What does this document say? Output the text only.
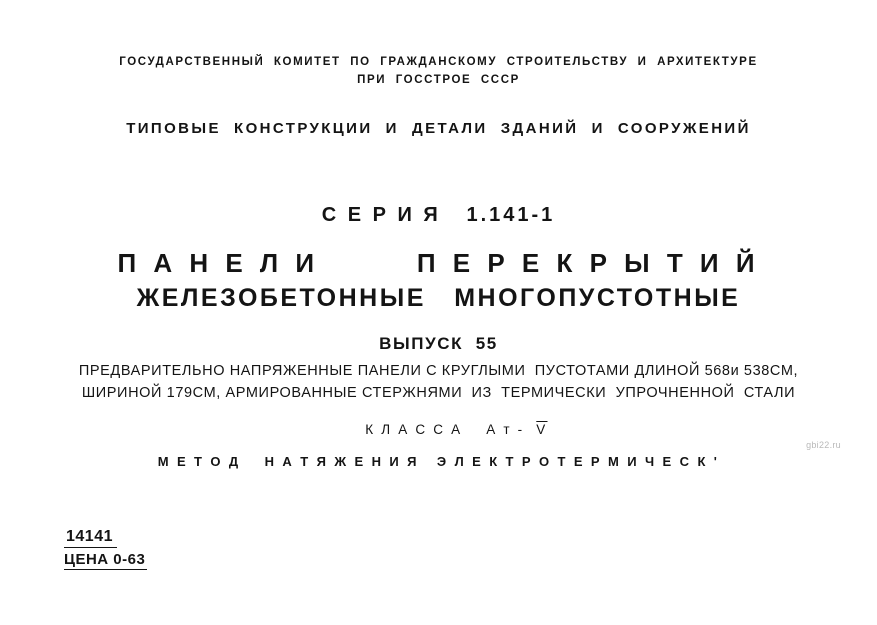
ГОСУДАРСТВЕННЫЙ  КОМИТЕТ  ПО  ГРАЖДАНСКОМУ  СТРОИТЕЛЬСТВУ  И  АРХИТЕКТУРЕ
ПРИ  ГОССТРОЕ  СССР
ТИПОВЫЕ  КОНСТРУКЦИИ  И  ДЕТАЛИ  ЗДАНИЙ  И  СООРУЖЕНИЙ
С Е Р И Я   1.141-1
П А Н Е Л И        П Е Р Е К Р Ы Т И Й
ЖЕЛЕЗОБЕТОННЫЕ   МНОГОПУСТОТНЫЕ
ВЫПУСК  55
ПРЕДВАРИТЕЛЬНО НАПРЯЖЕННЫЕ ПАНЕЛИ С КРУГЛЫМИ  ПУСТОТАМИ ДЛИНОЙ 568и 538СМ,
ШИРИНОЙ 179СМ, АРМИРОВАННЫЕ СТЕРЖНЯМИ  ИЗ  ТЕРМИЧЕСКИ  УПРОЧНЕННОЙ  СТАЛИ

К Л А С С А    А т -  $\overline{V}$

М Е Т О Д    Н А Т Я Ж Е Н И Я   Э Л Е К Т Р О Т Е Р М И Ч Е С К '
gbi22.ru
14141
ЦЕНА 0-63
